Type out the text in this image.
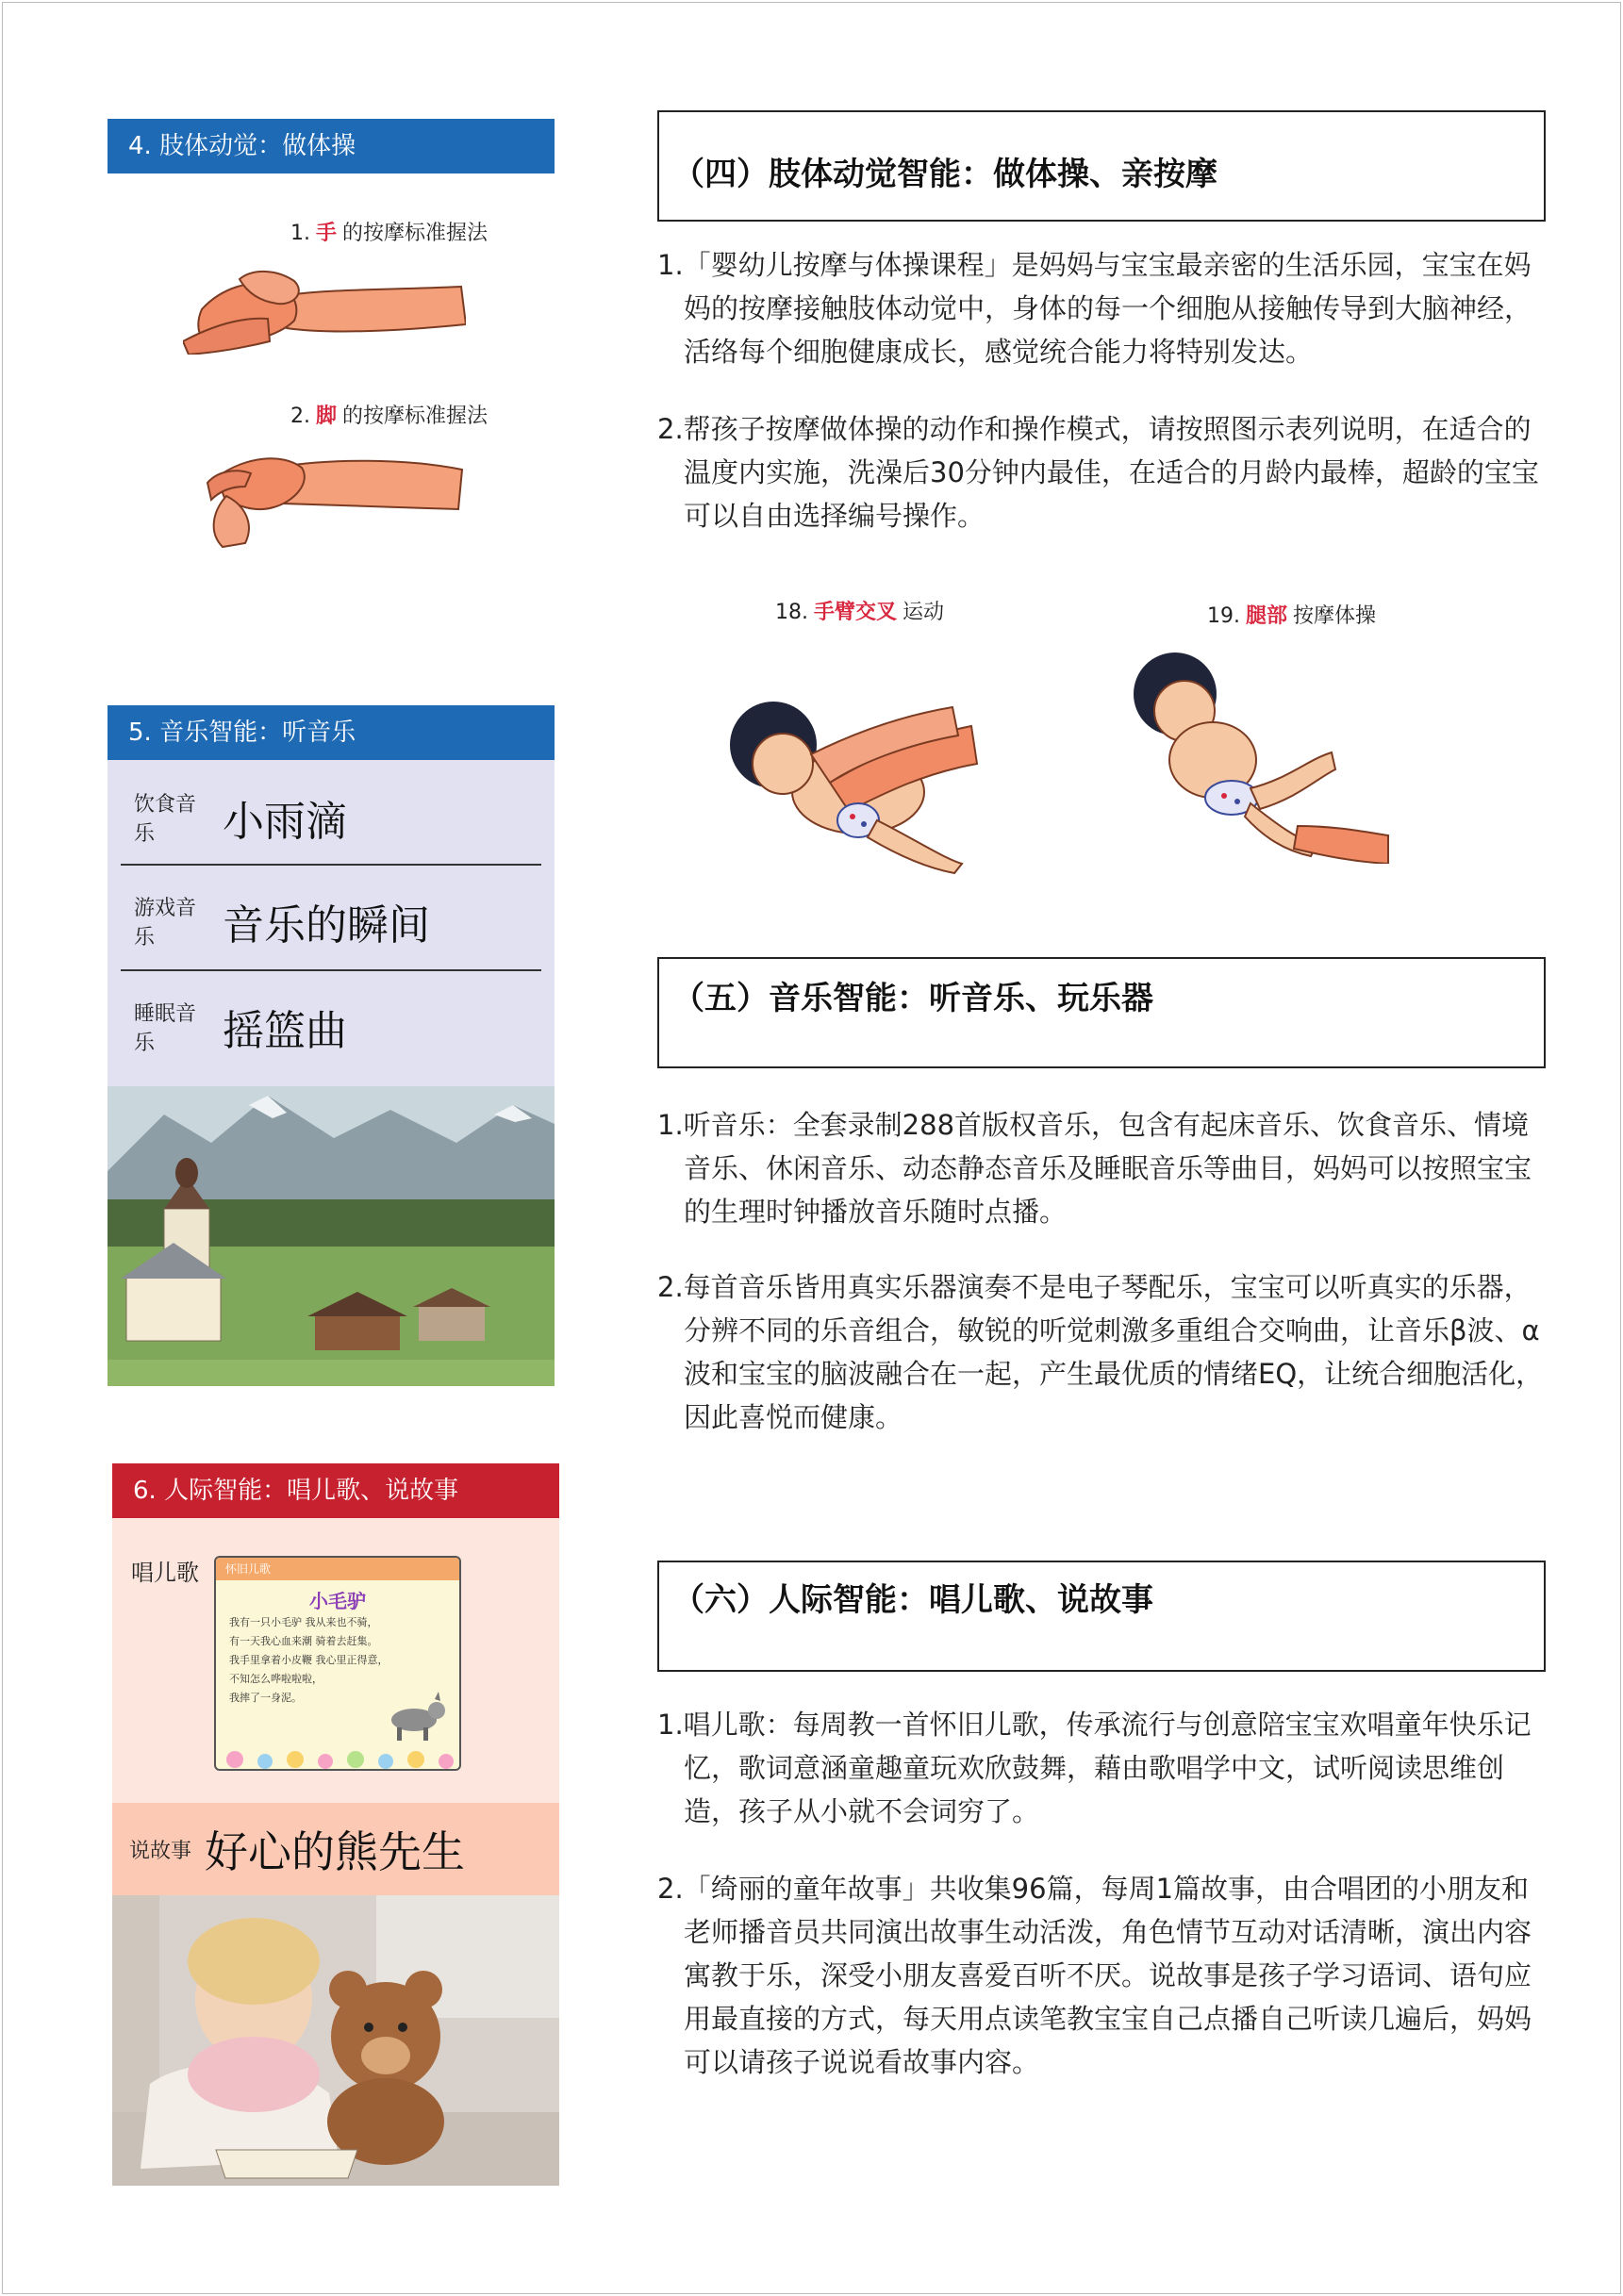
4. 肢体动觉：做体操
1. 手 的按摩标准握法
2. 脚 的按摩标准握法
5. 音乐智能：听音乐
饮食音乐	小雨滴
游戏音乐	音乐的瞬间
睡眠音乐	摇篮曲
6. 人际智能：唱儿歌、说故事
唱儿歌	怀旧儿歌
小毛驴
我有一只小毛驴 我从来也不骑，
有一天我心血来潮 骑着去赶集。
我手里拿着小皮鞭 我心里正得意，
不知怎么哗啦啦啦，
我摔了一身泥。
说故事 好心的熊先生
（四）肢体动觉智能：做体操、亲按摩
1.「婴幼儿按摩与体操课程」是妈妈与宝宝最亲密的生活乐园，宝宝在妈妈的按摩接触肢体动觉中，身体的每一个细胞从接触传导到大脑神经，活络每个细胞健康成长，感觉统合能力将特别发达。
2.帮孩子按摩做体操的动作和操作模式，请按照图示表列说明，在适合的温度内实施，洗澡后30分钟内最佳，在适合的月龄内最棒，超龄的宝宝可以自由选择编号操作。
18. 手臂交叉 运动	19. 腿部 按摩体操
（五）音乐智能：听音乐、玩乐器
1.听音乐：全套录制288首版权音乐，包含有起床音乐、饮食音乐、情境音乐、休闲音乐、动态静态音乐及睡眠音乐等曲目，妈妈可以按照宝宝的生理时钟播放音乐随时点播。
2.每首音乐皆用真实乐器演奏不是电子琴配乐，宝宝可以听真实的乐器，分辨不同的乐音组合，敏锐的听觉刺激多重组合交响曲，让音乐β波、α波和宝宝的脑波融合在一起，产生最优质的情绪EQ，让统合细胞活化，因此喜悦而健康。
（六）人际智能：唱儿歌、说故事
1.唱儿歌：每周教一首怀旧儿歌，传承流行与创意陪宝宝欢唱童年快乐记忆，歌词意涵童趣童玩欢欣鼓舞，藉由歌唱学中文，试听阅读思维创造，孩子从小就不会词穷了。
2.「绮丽的童年故事」共收集96篇，每周1篇故事，由合唱团的小朋友和老师播音员共同演出故事生动活泼，角色情节互动对话清晰，演出内容寓教于乐，深受小朋友喜爱百听不厌。说故事是孩子学习语词、语句应用最直接的方式，每天用点读笔教宝宝自己点播自己听读几遍后，妈妈可以请孩子说说看故事内容。
